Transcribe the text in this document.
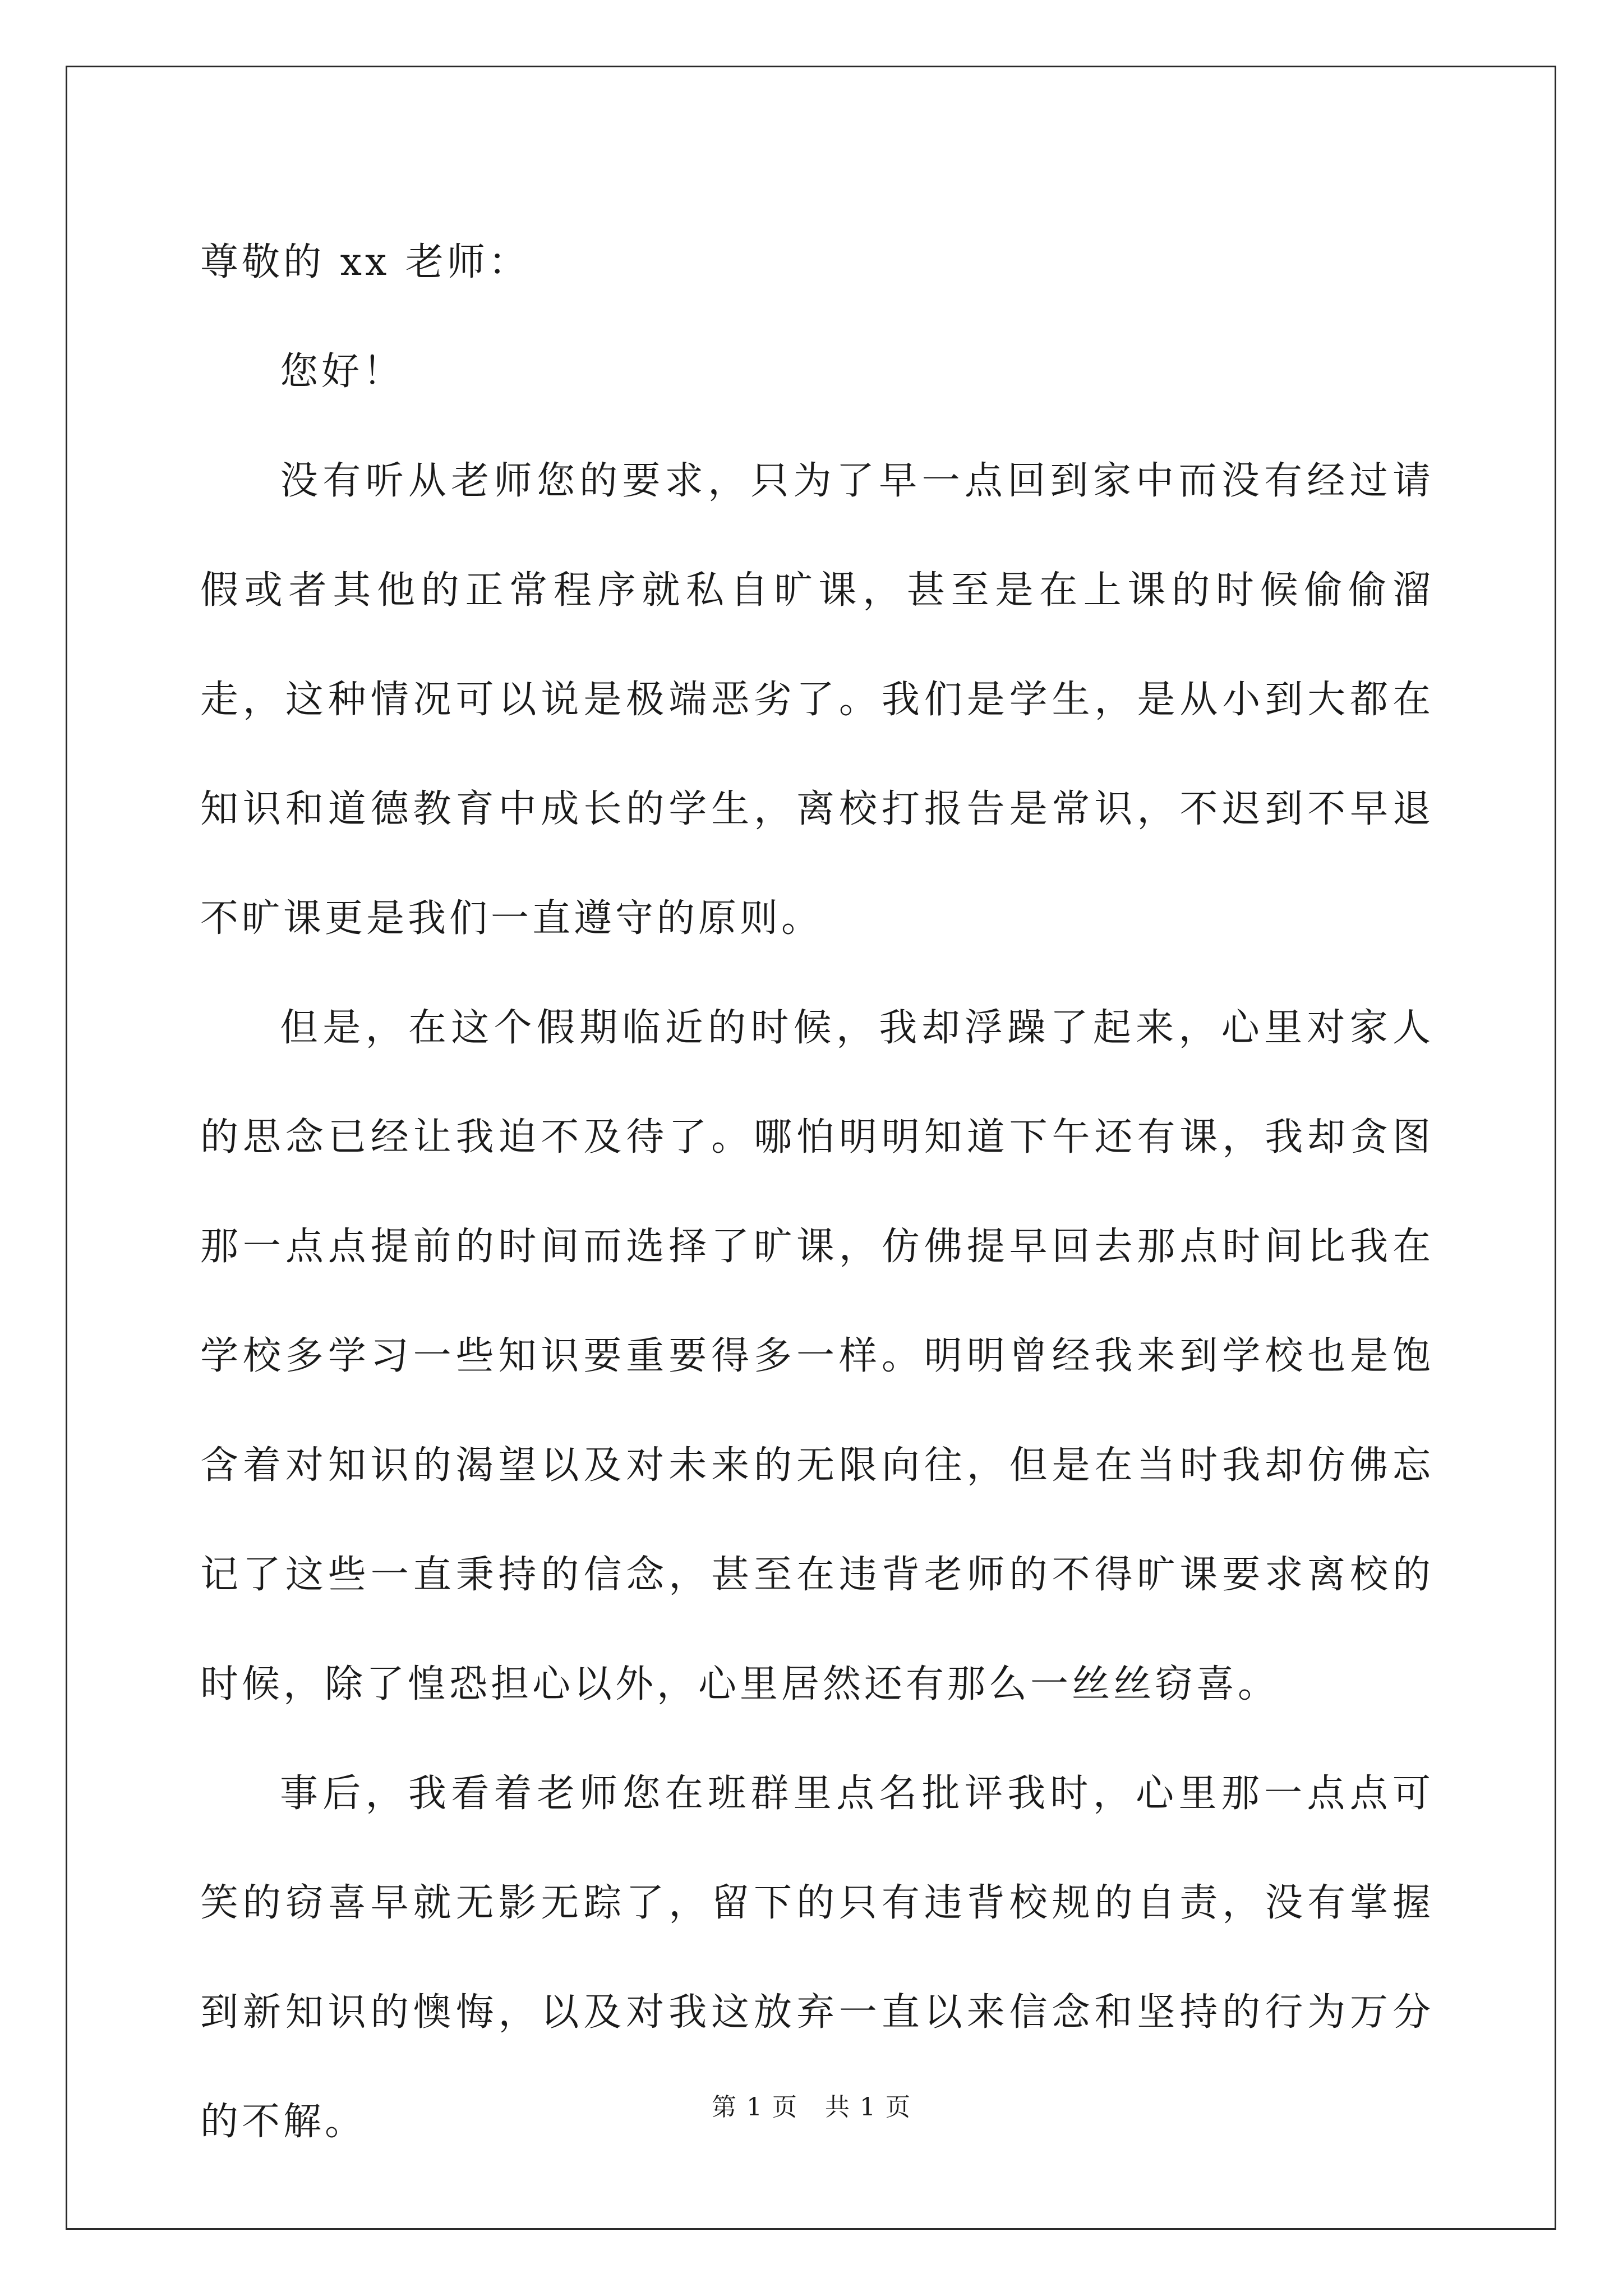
尊敬的 xx 老师：

您好！

没有听从老师您的要求，只为了早一点回到家中而没有经过请假或者其他的正常程序就私自旷课，甚至是在上课的时候偷偷溜走，这种情况可以说是极端恶劣了。我们是学生，是从小到大都在知识和道德教育中成长的学生，离校打报告是常识，不迟到不早退不旷课更是我们一直遵守的原则。

但是，在这个假期临近的时候，我却浮躁了起来，心里对家人的思念已经让我迫不及待了。哪怕明明知道下午还有课，我却贪图那一点点提前的时间而选择了旷课，仿佛提早回去那点时间比我在学校多学习一些知识要重要得多一样。明明曾经我来到学校也是饱含着对知识的渴望以及对未来的无限向往，但是在当时我却仿佛忘记了这些一直秉持的信念，甚至在违背老师的不得旷课要求离校的时候，除了惶恐担心以外，心里居然还有那么一丝丝窃喜。

事后，我看着老师您在班群里点名批评我时，心里那一点点可笑的窃喜早就无影无踪了，留下的只有违背校规的自责，没有掌握到新知识的懊悔，以及对我这放弃一直以来信念和坚持的行为万分的不解。	第 1 页   共 1 页
